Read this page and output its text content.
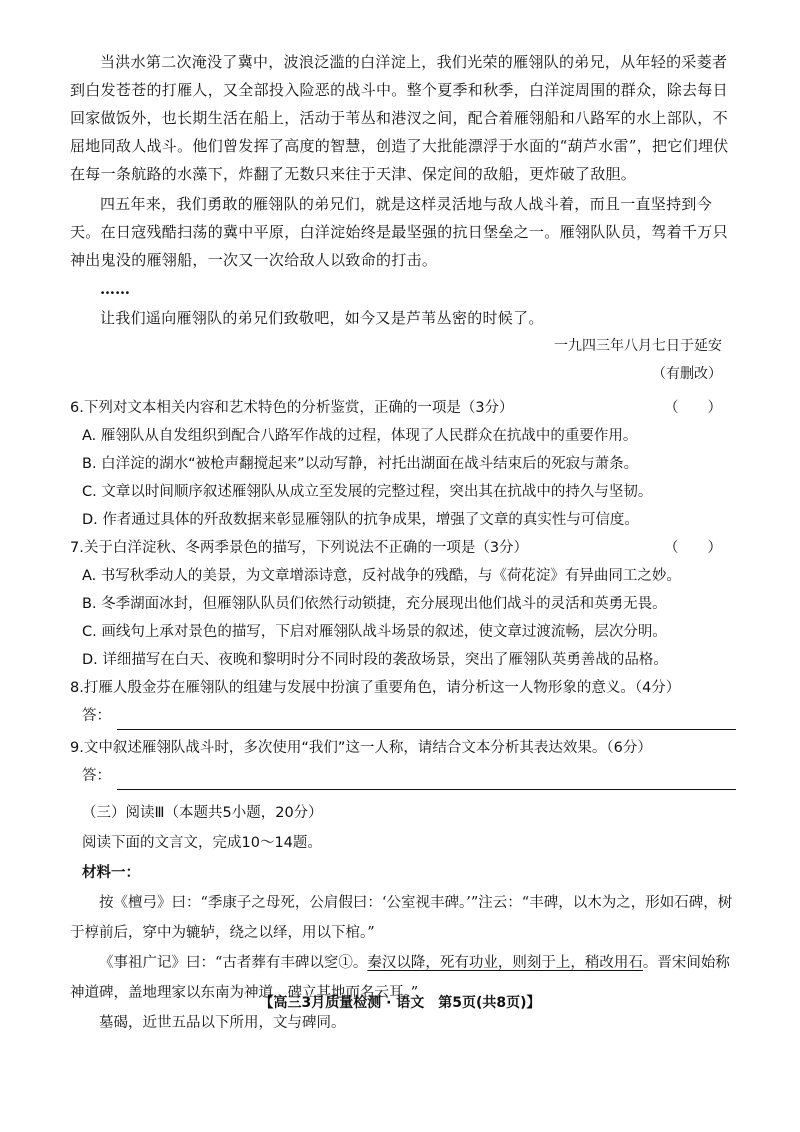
当洪水第二次淹没了冀中，波浪泛滥的白洋淀上，我们光荣的雁翎队的弟兄，从年轻的采菱者到白发苍苍的打雁人，又全部投入险恶的战斗中。整个夏季和秋季，白洋淀周围的群众，除去每日回家做饭外，也长期生活在船上，活动于苇丛和港汊之间，配合着雁翎船和八路军的水上部队，不屈地同敌人战斗。他们曾发挥了高度的智慧，创造了大批能漂浮于水面的“葫芦水雷”，把它们埋伏在每一条航路的水藻下，炸翻了无数只来往于天津、保定间的敌船，更炸破了敌胆。

四五年来，我们勇敢的雁翎队的弟兄们，就是这样灵活地与敌人战斗着，而且一直坚持到今天。在日寇残酷扫荡的冀中平原，白洋淀始终是最坚强的抗日堡垒之一。雁翎队队员，驾着千万只神出鬼没的雁翎船，一次又一次给敌人以致命的打击。

……

让我们遥向雁翎队的弟兄们致敬吧，如今又是芦苇丛密的时候了。

一九四三年八月七日于延安

（有删改）

6.下列对文本相关内容和艺术特色的分析鉴赏，正确的一项是（3分）	（　　）

A. 雁翎队从自发组织到配合八路军作战的过程，体现了人民群众在抗战中的重要作用。

B. 白洋淀的湖水“被枪声翻搅起来”以动写静，衬托出湖面在战斗结束后的死寂与萧条。

C. 文章以时间顺序叙述雁翎队从成立至发展的完整过程，突出其在抗战中的持久与坚韧。

D. 作者通过具体的歼敌数据来彰显雁翎队的抗争成果，增强了文章的真实性与可信度。

7.关于白洋淀秋、冬两季景色的描写，下列说法不正确的一项是（3分）	（　　）

A. 书写秋季动人的美景，为文章增添诗意，反衬战争的残酷，与《荷花淀》有异曲同工之妙。

B. 冬季湖面冰封，但雁翎队队员们依然行动锁捷，充分展现出他们战斗的灵活和英勇无畏。

C. 画线句上承对景色的描写，下启对雁翎队战斗场景的叙述，使文章过渡流畅，层次分明。

D. 详细描写在白天、夜晚和黎明时分不同时段的袭敌场景，突出了雁翎队英勇善战的品格。

8.打雁人殷金芬在雁翎队的组建与发展中扮演了重要角色，请分析这一人物形象的意义。（4分）

答：

9.文中叙述雁翎队战斗时，多次使用“我们”这一人称，请结合文本分析其表达效果。（6分）

答：

（三）阅读Ⅲ（本题共5小题，20分）

阅读下面的文言文，完成10～14题。

材料一：

按《檀弓》曰：“季康子之母死，公肩假曰：‘公室视丰碑。’”注云：“丰碑，以木为之，形如石碑，树于椁前后，穿中为辘轳，绕之以绎，用以下棺。”

《事祖广记》曰：“古者葬有丰碑以窆①。秦汉以降，死有功业，则刻于上，稍改用石。晋宋间始称神道碑，盖地理家以东南为神道，碑立其地而名云耳。”

墓碣，近世五品以下所用，文与碑同。

【高三3月质量检测 · 语文　第5页(共8页)】
